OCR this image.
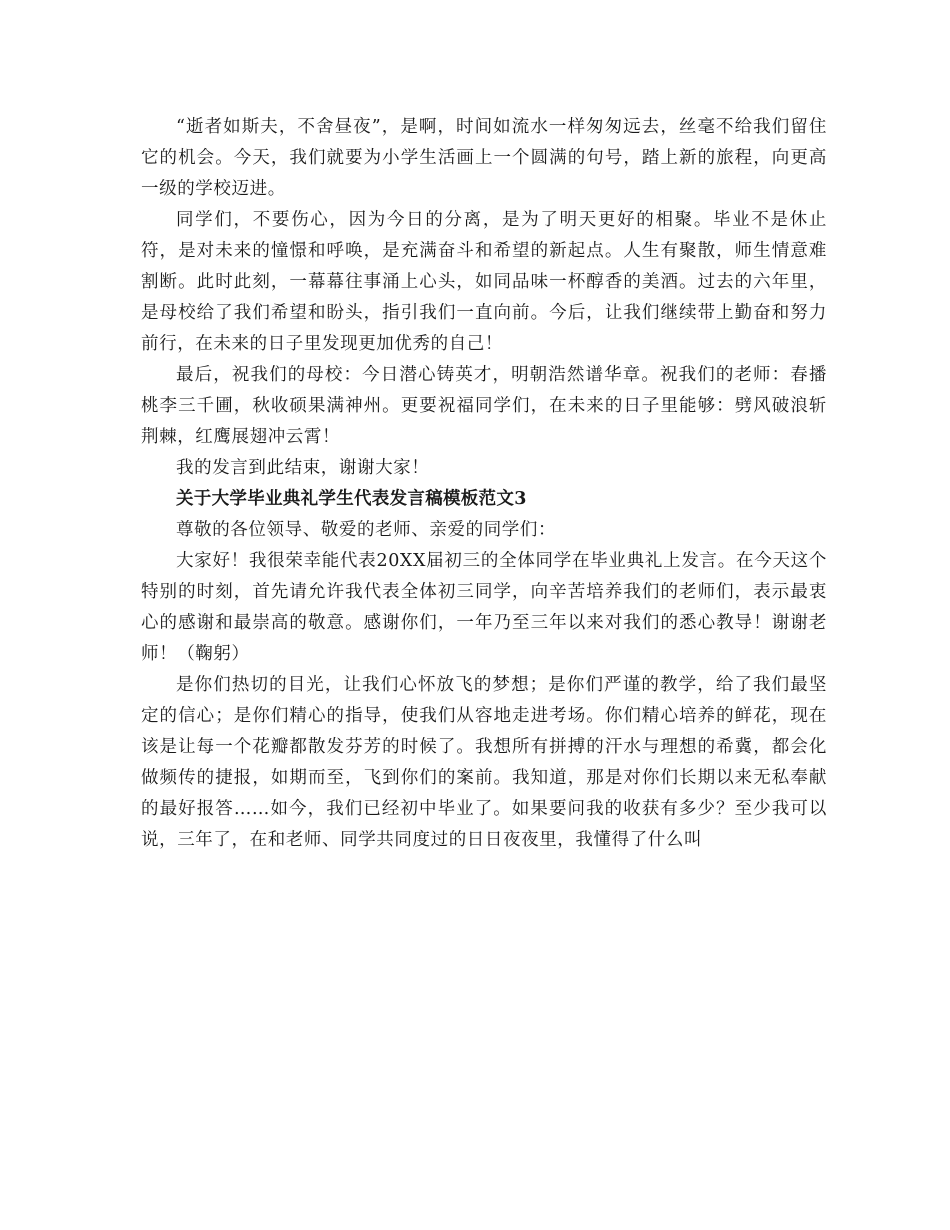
“逝者如斯夫，不舍昼夜”，是啊，时间如流水一样匆匆远去，丝毫不给我们留住它的机会。今天，我们就要为小学生活画上一个圆满的句号，踏上新的旅程，向更高一级的学校迈进。

同学们，不要伤心，因为今日的分离，是为了明天更好的相聚。毕业不是休止符，是对未来的憧憬和呼唤，是充满奋斗和希望的新起点。人生有聚散，师生情意难割断。此时此刻，一幕幕往事涌上心头，如同品味一杯醇香的美酒。过去的六年里，是母校给了我们希望和盼头，指引我们一直向前。今后，让我们继续带上勤奋和努力前行，在未来的日子里发现更加优秀的自己！

最后，祝我们的母校：今日潜心铸英才，明朝浩然谱华章。祝我们的老师：春播桃李三千圃，秋收硕果满神州。更要祝福同学们，在未来的日子里能够：劈风破浪斩荆棘，红鹰展翅冲云霄！

我的发言到此结束，谢谢大家！

关于大学毕业典礼学生代表发言稿模板范文3

尊敬的各位领导、敬爱的老师、亲爱的同学们：

大家好！我很荣幸能代表20XX届初三的全体同学在毕业典礼上发言。在今天这个特别的时刻，首先请允许我代表全体初三同学，向辛苦培养我们的老师们，表示最衷心的感谢和最崇高的敬意。感谢你们，一年乃至三年以来对我们的悉心教导！谢谢老师！（鞠躬）

是你们热切的目光，让我们心怀放飞的梦想；是你们严谨的教学，给了我们最坚定的信心；是你们精心的指导，使我们从容地走进考场。你们精心培养的鲜花，现在该是让每一个花瓣都散发芬芳的时候了。我想所有拼搏的汗水与理想的希冀，都会化做频传的捷报，如期而至，飞到你们的案前。我知道，那是对你们长期以来无私奉献的最好报答……如今，我们已经初中毕业了。如果要问我的收获有多少？至少我可以说，三年了，在和老师、同学共同度过的日日夜夜里，我懂得了什么叫
